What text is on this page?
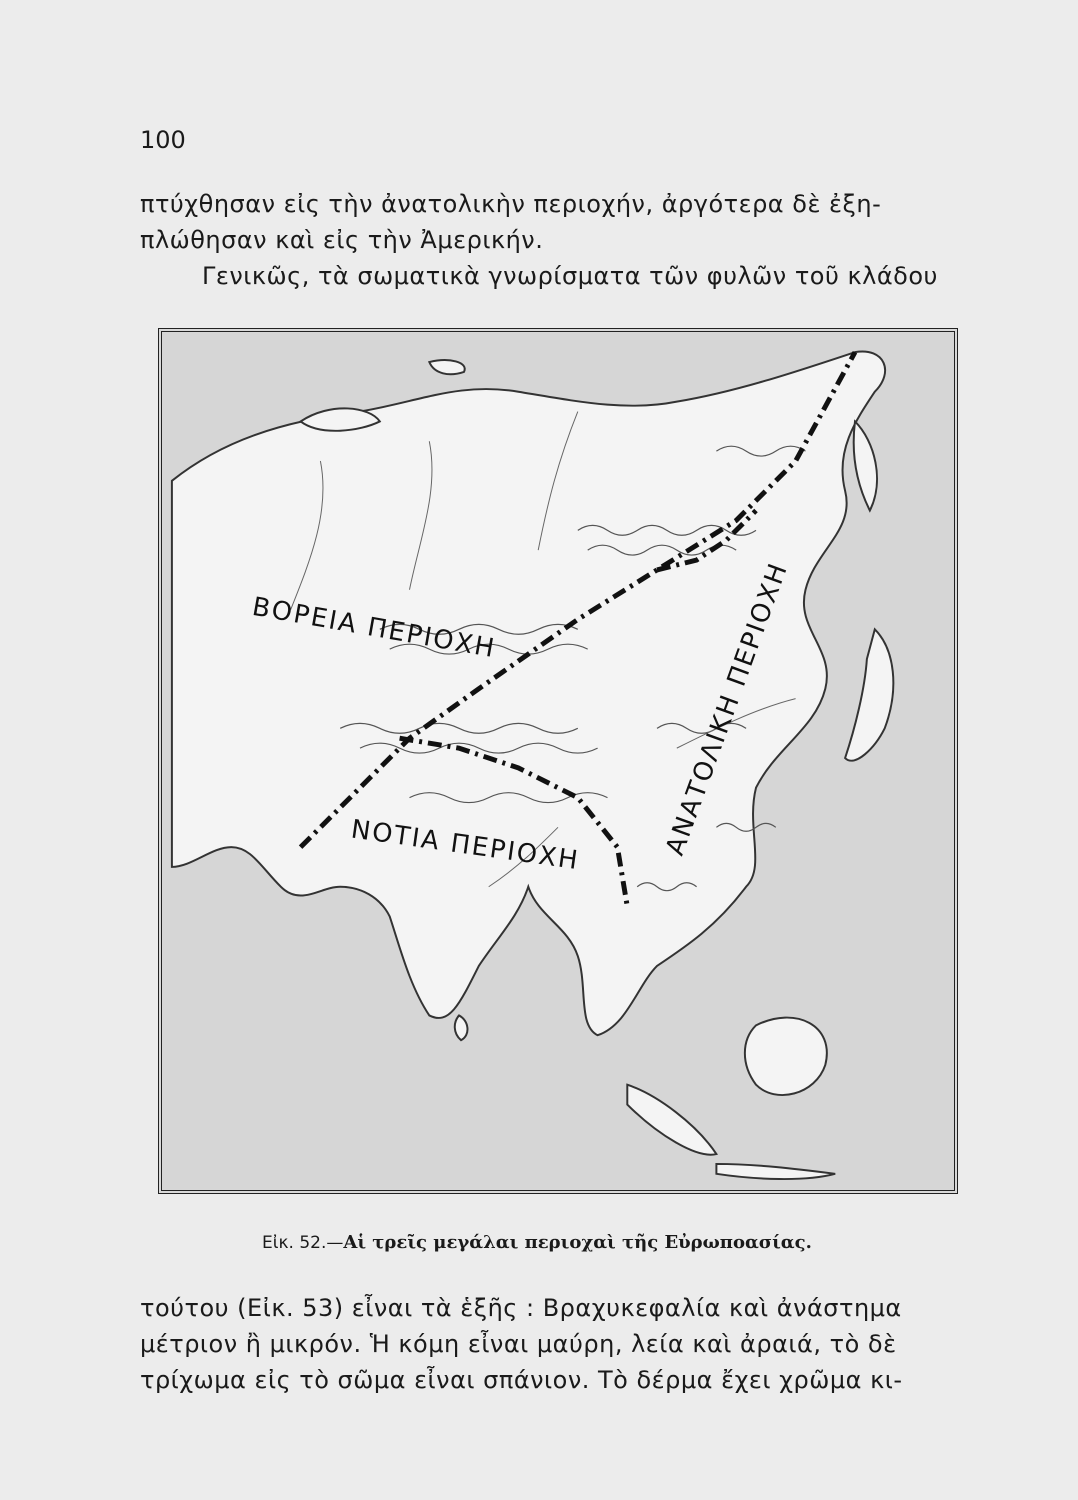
100
πτύχθησαν εἰς τὴν ἀνατολικὴν περιοχήν, ἀργότερα δὲ ἐξη-
πλώθησαν καὶ εἰς τὴν Ἀμερικήν.
Γενικῶς, τὰ σωματικὰ γνωρίσματα τῶν φυλῶν τοῦ κλάδου
ΒΟΡΕΙΑ ΠΕΡΙΟΧΗ
ΝΟΤΙΑ ΠΕΡΙΟΧΗ	ΑΝΑΤΟΛΙΚΗ ΠΕΡΙΟΧΗ
Εἰκ. 52.—Αἱ τρεῖς μεγάλαι περιοχαὶ τῆς Εὐρωποασίας.
τούτου (Εἰκ. 53) εἶναι τὰ ἑξῆς : Βραχυκεφαλία καὶ ἀνάστημα
μέτριον ἢ μικρόν. Ἡ κόμη εἶναι μαύρη, λεία καὶ ἀραιά, τὸ δὲ
τρίχωμα εἰς τὸ σῶμα εἶναι σπάνιον. Τὸ δέρμα ἔχει χρῶμα κι-
